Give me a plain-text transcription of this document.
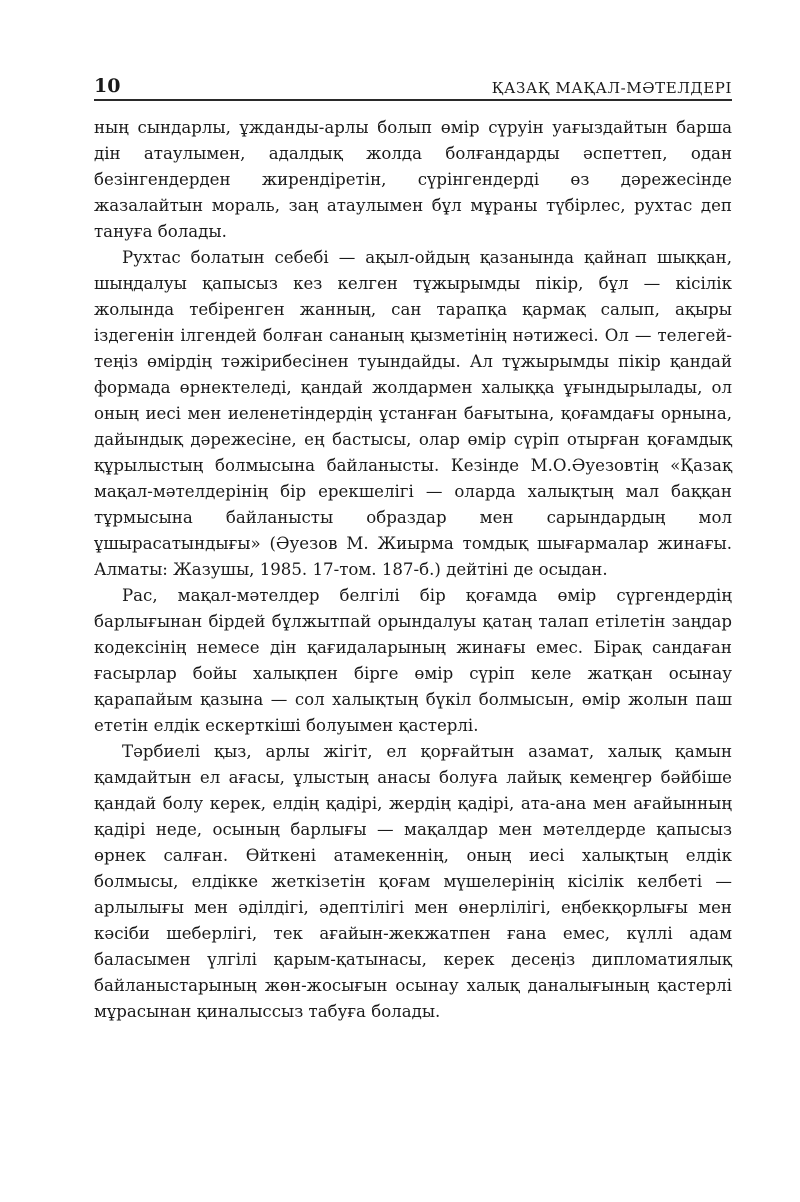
10	ҚАЗАҚ МАҚАЛ-МӘТЕЛДЕРІ

ның сындарлы, ұжданды-арлы болып өмір сүруін уағыздайтын барша дін атаулымен, адалдық жолда болғандарды әспеттеп, одан безінгендерден жирендіретін, сүрінгендерді өз дәрежесінде жазалайтын мораль, заң атаулымен бұл мұраны түбірлес, рухтас деп тануға болады.

Рухтас болатын себебі — ақыл-ойдың қазанында қайнап шыққан, шыңдалуы қапысыз кез келген тұжырымды пікір, бұл — кісілік жолында тебіренген жанның, сан тарапқа қармақ салып, ақыры іздегенін ілгендей болған сананың қызметінің нәтижесі. Ол — телегей-теңіз өмірдің тәжірибесінен туындайды. Ал тұжырымды пікір қандай формада өрнектеледі, қандай жолдармен халыққа ұғындырылады, ол оның иесі мен иеленетіндердің ұстанған бағытына, қоғамдағы орнына, дайындық дәрежесіне, ең бастысы, олар өмір сүріп отырған қоғамдық құрылыстың болмысына байланысты. Кезінде М.О.Әуезовтің «Қазақ мақал-мәтелдерінің бір ерекшелігі — оларда халықтың мал баққан тұрмысына байланысты образдар мен сарындардың мол ұшырасатындығы» (Әуезов М. Жиырма томдық шығармалар жинағы. Алматы: Жазушы, 1985. 17-том. 187-б.) дейтіні де осыдан.

Рас, мақал-мәтелдер белгілі бір қоғамда өмір сүргендердің барлығынан бірдей бұлжытпай орындалуы қатаң талап етілетін заңдар кодексінің немесе дін қағидаларының жинағы емес. Бірақ сандаған ғасырлар бойы халықпен бірге өмір сүріп келе жатқан осынау қарапайым қазына — сол халықтың бүкіл болмысын, өмір жолын паш ететін елдік ескерткіші болуымен қастерлі.

Тәрбиелі қыз, арлы жігіт, ел қорғайтын азамат, халық қамын қамдайтын ел ағасы, ұлыстың анасы болуға лайық кемеңгер бәйбіше қандай болу керек, елдің қадірі, жердің қадірі, ата-ана мен ағайынның қадірі неде, осының барлығы — мақалдар мен мәтелдерде қапысыз өрнек салған. Өйткені атамекеннің, оның иесі халықтың елдік болмысы, елдікке жеткізетін қоғам мүшелерінің кісілік келбеті — арлылығы мен әділдігі, әдептілігі мен өнерлілігі, еңбекқорлығы мен кәсіби шеберлігі, тек ағайын-жекжатпен ғана емес, күллі адам баласымен үлгілі қарым-қатынасы, керек десеңіз дипломатиялық байланыстарының жөн-жосығын осынау халық даналығының қастерлі мұрасынан қиналыссыз табуға болады.
